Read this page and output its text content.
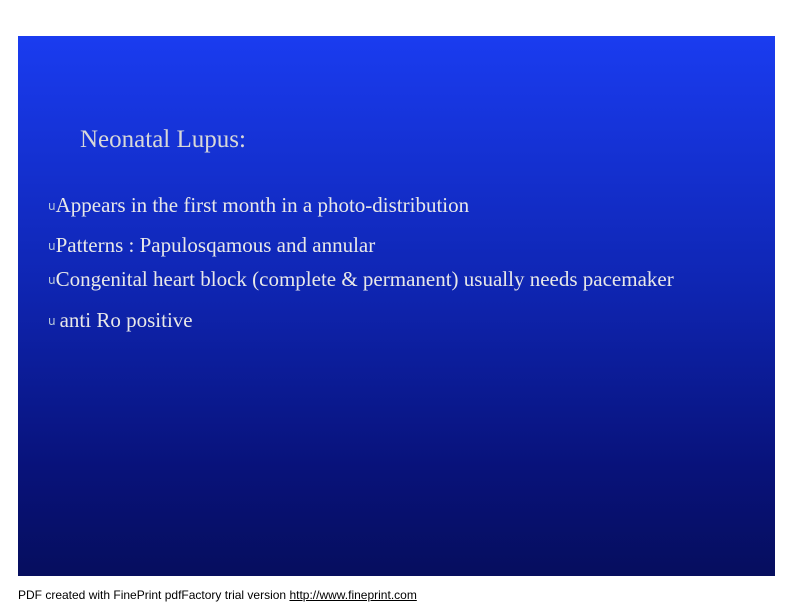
Neonatal Lupus:
uAppears in the first month in a photo-distribution
uPatterns : Papulosqamous and annular
uCongenital heart block (complete & permanent) usually needs pacemaker
u anti Ro positive
PDF created with FinePrint pdfFactory trial version http://www.fineprint.com
